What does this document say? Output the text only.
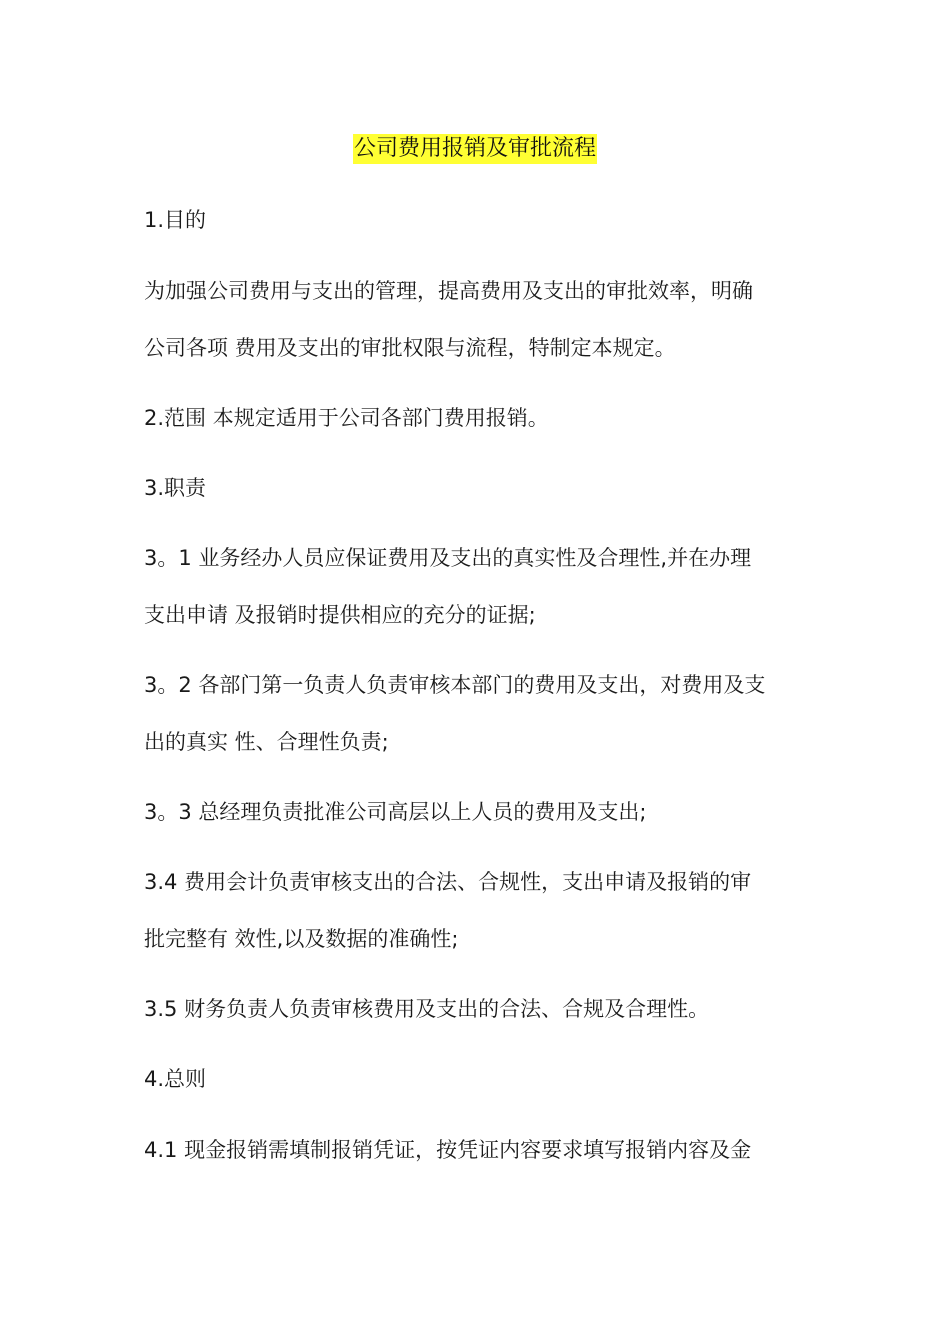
公司费用报销及审批流程
1.目的
为加强公司费用与支出的管理，提高费用及支出的审批效率，明确
公司各项 费用及支出的审批权限与流程，特制定本规定。
2.范围 本规定适用于公司各部门费用报销。
3.职责
3。1 业务经办人员应保证费用及支出的真实性及合理性,并在办理
支出申请 及报销时提供相应的充分的证据;
3。2 各部门第一负责人负责审核本部门的费用及支出，对费用及支
出的真实 性、合理性负责;
3。3 总经理负责批准公司高层以上人员的费用及支出;
3.4 费用会计负责审核支出的合法、合规性，支出申请及报销的审
批完整有 效性,以及数据的准确性;
3.5 财务负责人负责审核费用及支出的合法、合规及合理性。
4.总则
4.1 现金报销需填制报销凭证，按凭证内容要求填写报销内容及金
